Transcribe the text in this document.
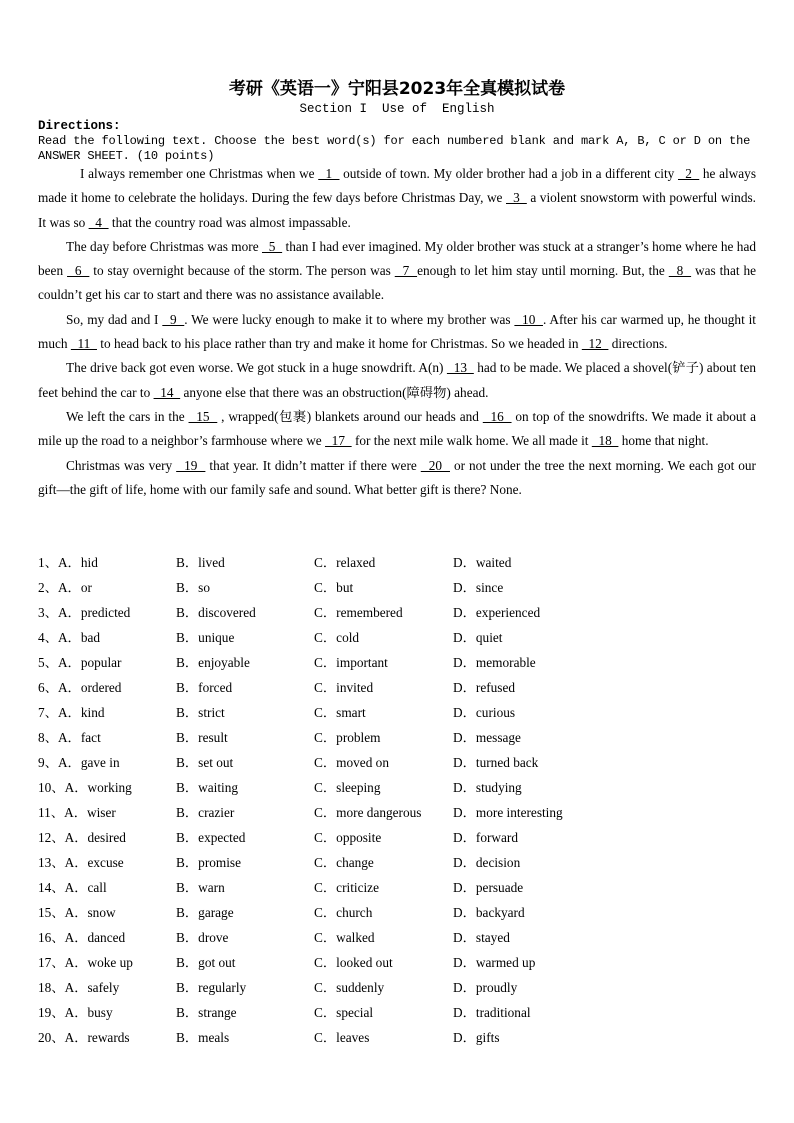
考研《英语一》宁阳县2023年全真模拟试卷
Section I  Use of  English
Directions:
Read the following text. Choose the best word(s) for each numbered blank and mark A, B, C or D on the ANSWER SHEET. (10 points)

I always remember one Christmas when we   1   outside of town. My older brother had a job in a different city   2   he always made it home to celebrate the holidays. During the few days before Christmas Day, we   3   a violent snowstorm with powerful winds. It was so   4   that the country road was almost impassable.

The day before Christmas was more   5   than I had ever imagined. My older brother was stuck at a stranger’s home where he had been   6   to stay overnight because of the storm. The person was   7  enough to let him stay until morning. But, the   8   was that he couldn’t get his car to start and there was no assistance available.

So, my dad and I   9  . We were lucky enough to make it to where my brother was   10  . After his car warmed up, he thought it much   11   to head back to his place rather than try and make it home for Christmas. So we headed in   12   directions.

The drive back got even worse. We got stuck in a huge snowdrift. A(n)   13   had to be made. We placed a shovel(铲子) about ten feet behind the car to   14   anyone else that there was an obstruction(障碍物) ahead.

We left the cars in the   15   , wrapped(包裹) blankets around our heads and   16   on top of the snowdrifts. We made it about a mile up the road to a neighbor’s farmhouse where we   17   for the next mile walk home. We all made it   18   home that night.

Christmas was very   19   that year. It didn’t matter if there were   20   or not under the tree the next morning. We each got our gift—the gift of life, home with our family safe and sound. What better gift is there? None.

1、A．hid	B．lived	C．relaxed	D．waited
2、A．or	B．so	C．but	D．since
3、A．predicted	B．discovered	C．remembered	D．experienced
4、A．bad	B．unique	C．cold	D．quiet
5、A．popular	B．enjoyable	C．important	D．memorable
6、A．ordered	B．forced	C．invited	D．refused
7、A．kind	B．strict	C．smart	D．curious
8、A．fact	B．result	C．problem	D．message
9、A．gave in	B．set out	C．moved on	D．turned back
10、A．working	B．waiting	C．sleeping	D．studying
11、A．wiser	B．crazier	C．more dangerous D．more interesting
12、A．desired	B．expected	C．opposite	D．forward
13、A．excuse	B．promise	C．change	D．decision
14、A．call	B．warn	C．criticize	D．persuade
15、A．snow	B．garage	C．church	D．backyard
16、A．danced	B．drove	C．walked	D．stayed
17、A．woke up	B．got out	C．looked out	D．warmed up
18、A．safely	B．regularly	C．suddenly	D．proudly
19、A．busy	B．strange	C．special	D．traditional
20、A．rewards	B．meals	C．leaves	D．gifts
